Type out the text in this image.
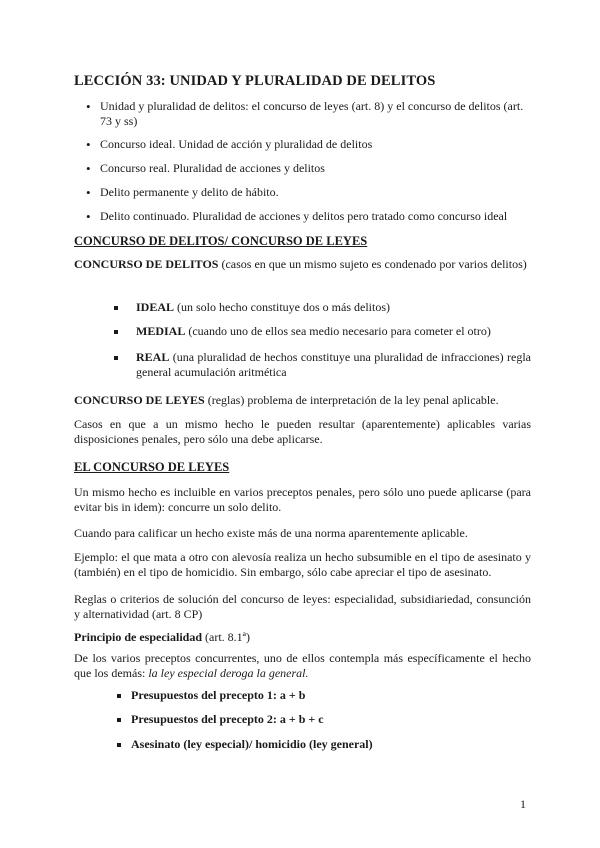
LECCIÓN 33: UNIDAD Y PLURALIDAD DE DELITOS
• Unidad y pluralidad de delitos: el concurso de leyes (art. 8) y el concurso de delitos (art. 73 y ss)
• Concurso ideal. Unidad de acción y pluralidad de delitos
• Concurso real. Pluralidad de acciones y delitos
• Delito permanente y delito de hábito.
• Delito continuado. Pluralidad de acciones y delitos pero tratado como concurso ideal
CONCURSO DE DELITOS/ CONCURSO DE LEYES
CONCURSO DE DELITOS (casos en que un mismo sujeto es condenado por varios delitos)
IDEAL (un solo hecho constituye dos o más delitos)
MEDIAL (cuando uno de ellos sea medio necesario para cometer el otro)
REAL (una pluralidad de hechos constituye una pluralidad de infracciones) regla general acumulación aritmética
CONCURSO DE LEYES (reglas) problema de interpretación de la ley penal aplicable.
Casos en que a un mismo hecho le pueden resultar (aparentemente) aplicables varias disposiciones penales, pero sólo una debe aplicarse.
EL CONCURSO DE LEYES
Un mismo hecho es incluible en varios preceptos penales, pero sólo uno puede aplicarse (para evitar bis in idem): concurre un solo delito.
Cuando para calificar un hecho existe más de una norma aparentemente aplicable.
Ejemplo: el que mata a otro con alevosía realiza un hecho subsumible en el tipo de asesinato y (también) en el tipo de homicidio. Sin embargo, sólo cabe apreciar el tipo de asesinato.
Reglas o criterios de solución del concurso de leyes: especialidad, subsidiariedad, consunción y alternatividad (art. 8 CP)
Principio de especialidad (art. 8.1ª)
De los varios preceptos concurrentes, uno de ellos contempla más específicamente el hecho que los demás: la ley especial deroga la general.
Presupuestos del precepto 1: a + b
Presupuestos del precepto 2: a + b + c
Asesinato (ley especial)/ homicidio (ley general)
1
